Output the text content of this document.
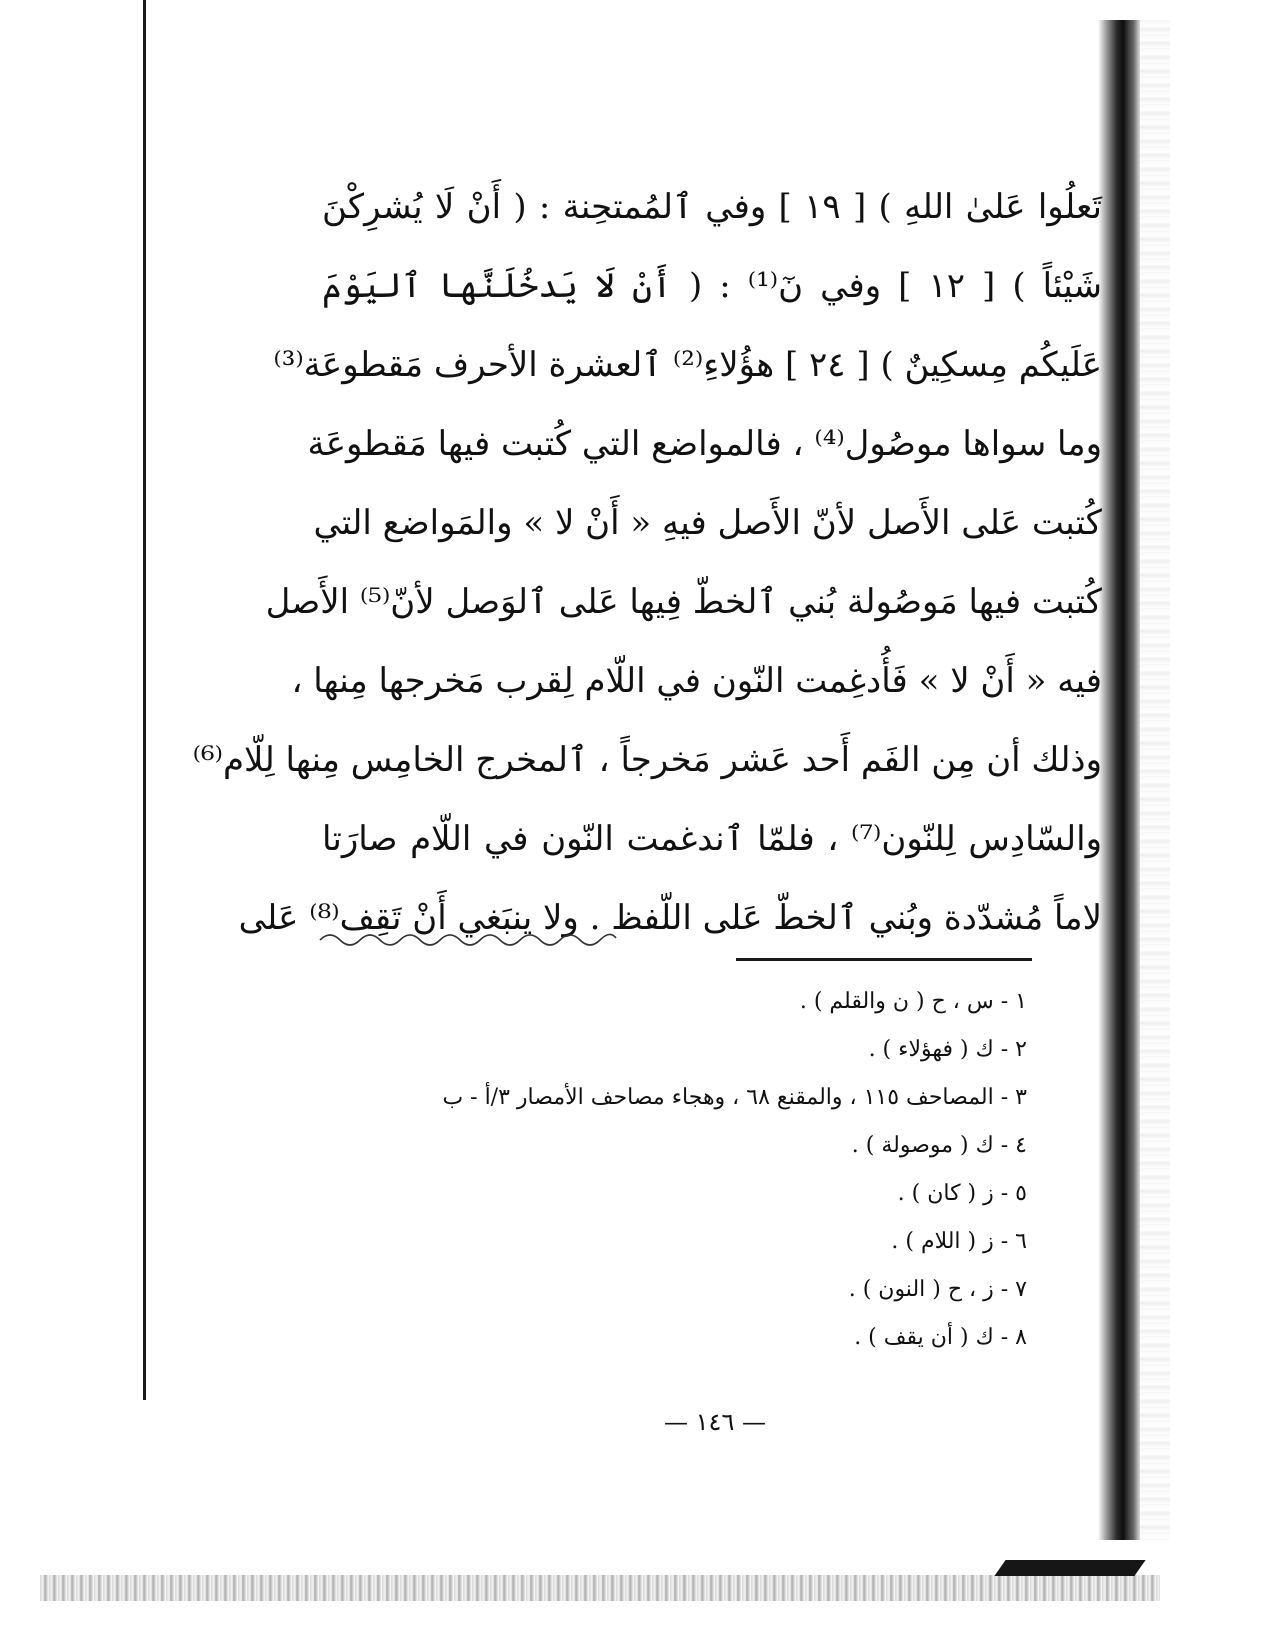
تَعلُوا عَلىٰ اللهِ ) [ ١٩ ] وفي ٱلمُمتحِنة : ( أَنْ لَا يُشرِكْنَ
شَيْئاً ) [ ١٢ ] وفي نٓ⁽¹⁾ : ( أَنْ لَا يَدخُلَنَّها ٱليَوْمَ
عَلَيكُم مِسكِينٌ ) [ ٢٤ ] هؤُلاءِ⁽²⁾ ٱلعشرة الأحرف مَقطوعَة⁽³⁾
وما سواها موصُول⁽⁴⁾ ، فالمواضع التي كُتبت فيها مَقطوعَة
كُتبت عَلى الأَصل لأنّ الأَصل فيهِ « أَنْ لا » والمَواضع التي
كُتبت فيها مَوصُولة بُني ٱلخطّ فِيها عَلى ٱلوَصل لأنّ⁽⁵⁾ الأَصل
فيه « أَنْ لا » فَأُدغِمت النّون في اللّام لِقرب مَخرجها مِنها ،
وذلك أن مِن الفَم أَحد عَشر مَخرجاً ، ٱلمخرج الخامِس مِنها لِلّام⁽⁶⁾
والسّادِس لِلنّون⁽⁷⁾ ، فلمّا ٱندغمت النّون في اللّام صارَتا
لاماً مُشدّدة وبُني ٱلخطّ عَلى اللّفظ . ولا ينبَغي أَنْ تَقِف⁽⁸⁾ عَلى
١ - س ، ح ( ن والقلم ) .
٢ - ك ( فهؤلاء ) .
٣ - المصاحف ١١٥ ، والمقنع ٦٨ ، وهجاء مصاحف الأمصار ٣/أ - ب
٤ - ك ( موصولة ) .
٥ - ز ( كان ) .
٦ - ز ( اللام ) .
٧ - ز ، ح ( النون ) .
٨ - ك ( أن يقف ) .
— ١٤٦ —
